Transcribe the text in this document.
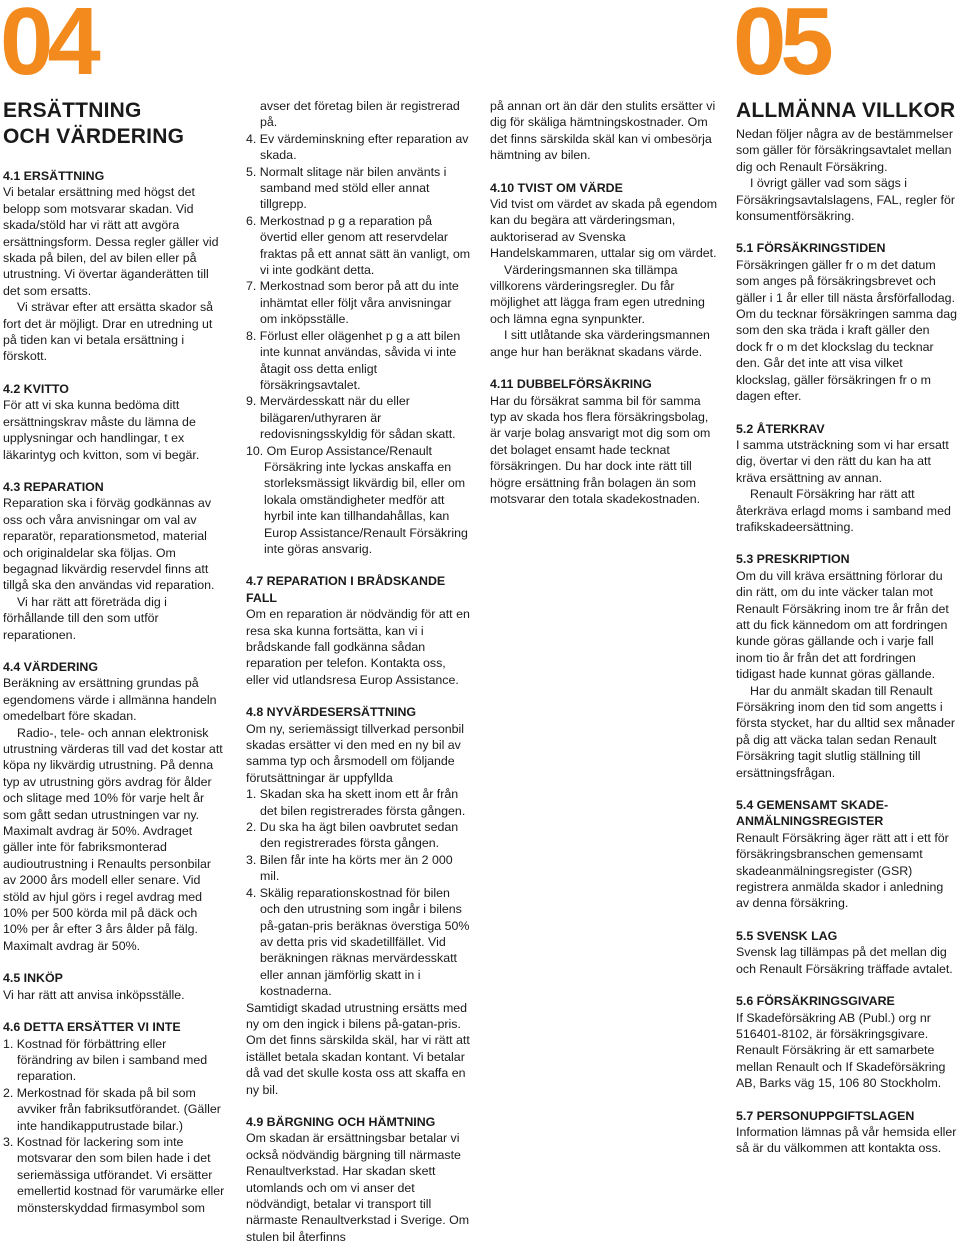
04	05
ERSÄTTNING
OCH VÄRDERING

4.1 ERSÄTTNING

Vi betalar ersättning med högst det belopp som motsvarar skadan. Vid skada/stöld har vi rätt att avgöra ersättningsform. Dessa regler gäller vid skada på bilen, del av bilen eller på utrustning. Vi övertar äganderätten till det som ersatts.

Vi strävar efter att ersätta skador så fort det är möjligt. Drar en utredning ut på tiden kan vi betala ersättning i förskott.

4.2 KVITTO

För att vi ska kunna bedöma ditt ersättningskrav måste du lämna de upplysningar och handlingar, t ex läkarintyg och kvitton, som vi begär.

4.3 REPARATION

Reparation ska i förväg godkännas av oss och våra anvisningar om val av reparatör, reparationsmetod, material och originaldelar ska följas. Om begagnad likvärdig reservdel finns att tillgå ska den användas vid reparation.

Vi har rätt att företräda dig i förhållande till den som utför reparationen.

4.4 VÄRDERING

Beräkning av ersättning grundas på egendomens värde i allmänna handeln omedelbart före skadan.

Radio-, tele- och annan elektronisk utrustning värderas till vad det kostar att köpa ny likvärdig utrustning. På denna typ av utrustning görs avdrag för ålder och slitage med 10% för varje helt år som gått sedan utrustningen var ny. Maximalt avdrag är 50%. Avdraget gäller inte för fabriksmonterad audioutrustning i Renaults personbilar av 2000 års modell eller senare. Vid stöld av hjul görs i regel avdrag med 10% per 500 körda mil på däck och 10% per år efter 3 års ålder på fälg. Maximalt avdrag är 50%.

4.5 INKÖP

Vi har rätt att anvisa inköpsställe.

4.6 DETTA ERSÄTTER VI INTE

1. Kostnad för förbättring eller förändring av bilen i samband med reparation.

2. Merkostnad för skada på bil som avviker från fabriksutförandet. (Gäller inte handikapputrustade bilar.)

3. Kostnad för lackering som inte motsvarar den som bilen hade i det seriemässiga utförandet. Vi ersätter emellertid kostnad för varumärke eller mönsterskyddad firmasymbol som

avser det företag bilen är registrerad på.

4. Ev värdeminskning efter reparation av skada.

5. Normalt slitage när bilen använts i samband med stöld eller annat tillgrepp.

6. Merkostnad p g a reparation på övertid eller genom att reservdelar fraktas på ett annat sätt än vanligt, om vi inte godkänt detta.

7. Merkostnad som beror på att du inte inhämtat eller följt våra anvisningar om inköpsställe.

8. Förlust eller olägenhet p g a att bilen inte kunnat användas, såvida vi inte åtagit oss detta enligt försäkringsavtalet.

9. Mervärdesskatt när du eller bilägaren/uthyraren är redovisningsskyldig för sådan skatt.

10. Om Europ Assistance/Renault Försäkring inte lyckas anskaffa en storleksmässigt likvärdig bil, eller om lokala omständigheter medför att hyrbil inte kan tillhandahållas, kan Europ Assistance/Renault Försäkring inte göras ansvarig.

4.7 REPARATION I BRÅDSKANDE FALL

Om en reparation är nödvändig för att en resa ska kunna fortsätta, kan vi i brådskande fall godkänna sådan reparation per telefon. Kontakta oss, eller vid utlandsresa Europ Assistance.

4.8 NYVÄRDESERSÄTTNING

Om ny, seriemässigt tillverkad personbil skadas ersätter vi den med en ny bil av samma typ och årsmodell om följande förutsättningar är uppfyllda

1. Skadan ska ha skett inom ett år från det bilen registrerades första gången.

2. Du ska ha ägt bilen oavbrutet sedan den registrerades första gången.

3. Bilen får inte ha körts mer än 2 000 mil.

4. Skälig reparationskostnad för bilen och den utrustning som ingår i bilens på-gatan-pris beräknas överstiga 50% av detta pris vid skadetillfället. Vid beräkningen räknas mervärdesskatt eller annan jämförlig skatt in i kostnaderna.

Samtidigt skadad utrustning ersätts med ny om den ingick i bilens på-gatan-pris. Om det finns särskilda skäl, har vi rätt att istället betala skadan kontant. Vi betalar då vad det skulle kosta oss att skaffa en ny bil.

4.9 BÄRGNING OCH HÄMTNING

Om skadan är ersättningsbar betalar vi också nödvändig bärgning till närmaste Renaultverkstad. Har skadan skett utomlands och om vi anser det nödvändigt, betalar vi transport till närmaste Renaultverkstad i Sverige. Om stulen bil återfinns

på annan ort än där den stulits ersätter vi dig för skäliga hämtningskostnader. Om det finns särskilda skäl kan vi ombesörja hämtning av bilen.

4.10 TVIST OM VÄRDE

Vid tvist om värdet av skada på egendom kan du begära att värderingsman, auktoriserad av Svenska Handelskammaren, uttalar sig om värdet.

Värderingsmannen ska tillämpa villkorens värderingsregler. Du får möjlighet att lägga fram egen utredning och lämna egna synpunkter.

I sitt utlåtande ska värderingsmannen ange hur han beräknat skadans värde.

4.11 DUBBELFÖRSÄKRING

Har du försäkrat samma bil för samma typ av skada hos flera försäkringsbolag, är varje bolag ansvarigt mot dig som om det bolaget ensamt hade tecknat försäkringen. Du har dock inte rätt till högre ersättning från bolagen än som motsvarar den totala skadekostnaden.

ALLMÄNNA VILLKOR

Nedan följer några av de bestämmelser som gäller för försäkringsavtalet mellan dig och Renault Försäkring.

I övrigt gäller vad som sägs i Försäkringsavtalslagens, FAL, regler för konsumentförsäkring.

5.1 FÖRSÄKRINGSTIDEN

Försäkringen gäller fr o m det datum som anges på försäkringsbrevet och gäller i 1 år eller till nästa årsförfallodag. Om du tecknar försäkringen samma dag som den ska träda i kraft gäller den dock fr o m det klockslag du tecknar den. Går det inte att visa vilket klockslag, gäller försäkringen fr o m dagen efter.

5.2 ÅTERKRAV

I samma utsträckning som vi har ersatt dig, övertar vi den rätt du kan ha att kräva ersättning av annan.

Renault Försäkring har rätt att återkräva erlagd moms i samband med trafikskadeersättning.

5.3 PRESKRIPTION

Om du vill kräva ersättning förlorar du din rätt, om du inte väcker talan mot Renault Försäkring inom tre år från det att du fick kännedom om att fordringen kunde göras gällande och i varje fall inom tio år från det att fordringen tidigast hade kunnat göras gällande.

Har du anmält skadan till Renault Försäkring inom den tid som angetts i första stycket, har du alltid sex månader på dig att väcka talan sedan Renault Försäkring tagit slutlig ställning till ersättningsfrågan.

5.4 GEMENSAMT SKADE-
ANMÄLNINGSREGISTER

Renault Försäkring äger rätt att i ett för försäkringsbranschen gemensamt skadeanmälningsregister (GSR) registrera anmälda skador i anledning av denna försäkring.

5.5 SVENSK LAG

Svensk lag tillämpas på det mellan dig och Renault Försäkring träffade avtalet.

5.6 FÖRSÄKRINGSGIVARE

If Skadeförsäkring AB (Publ.) org nr 516401-8102, är försäkringsgivare. Renault Försäkring är ett samarbete mellan Renault och If Skadeförsäkring AB, Barks väg 15, 106 80 Stockholm.

5.7 PERSONUPPGIFTSLAGEN

Information lämnas på vår hemsida eller så är du välkommen att kontakta oss.
